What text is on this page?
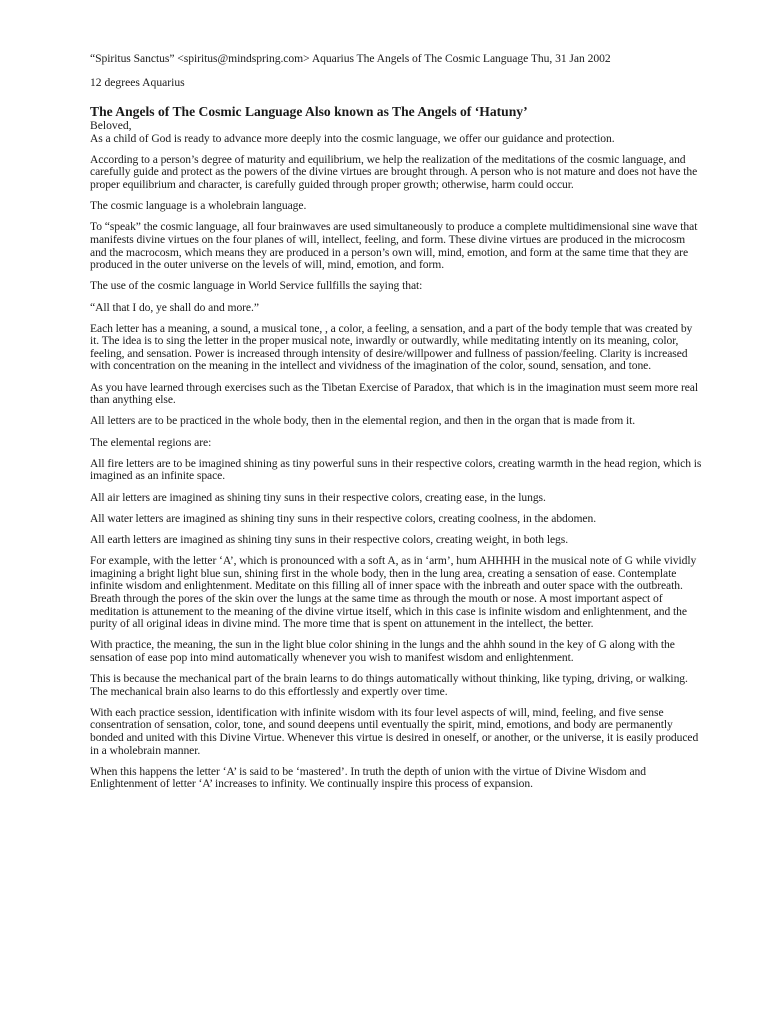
“Spiritus Sanctus” <spiritus@mindspring.com> Aquarius The Angels of The Cosmic Language Thu, 31 Jan 2002
12 degrees Aquarius
The Angels of The Cosmic Language Also known as The Angels of ‘Hatuny’
Beloved,

As a child of God is ready to advance more deeply into the cosmic language, we offer our guidance and protection.

According to a person’s degree of maturity and equilibrium, we help the realization of the meditations of the cosmic language, and carefully guide and protect as the powers of the divine virtues are brought through. A person who is not mature and does not have the proper equilibrium and character, is carefully guided through proper growth; otherwise, harm could occur.

The cosmic language is a wholebrain language.

To “speak” the cosmic language, all four brainwaves are used simultaneously to produce a complete multidimensional sine wave that manifests divine virtues on the four planes of will, intellect, feeling, and form. These divine virtues are produced in the microcosm and the macrocosm, which means they are produced in a person’s own will, mind, emotion, and form at the same time that they are produced in the outer universe on the levels of will, mind, emotion, and form.

The use of the cosmic language in World Service fullfills the saying that:

“All that I do, ye shall do and more.”

Each letter has a meaning, a sound, a musical tone, , a color, a feeling, a sensation, and a part of the body temple that was created by it. The idea is to sing the letter in the proper musical note, inwardly or outwardly, while meditating intently on its meaning, color, feeling, and sensation. Power is increased through intensity of desire/willpower and fullness of passion/feeling. Clarity is increased with concentration on the meaning in the intellect and vividness of the imagination of the color, sound, sensation, and tone.

As you have learned through exercises such as the Tibetan Exercise of Paradox, that which is in the imagination must seem more real than anything else.

All letters are to be practiced in the whole body, then in the elemental region, and then in the organ that is made from it.

The elemental regions are:

All fire letters are to be imagined shining as tiny powerful suns in their respective colors, creating warmth in the head region, which is imagined as an infinite space.

All air letters are imagined as shining tiny suns in their respective colors, creating ease, in the lungs.

All water letters are imagined as shining tiny suns in their respective colors, creating coolness, in the abdomen.

All earth letters are imagined as shining tiny suns in their respective colors, creating weight, in both legs.

For example, with the letter ‘A’, which is pronounced with a soft A, as in ‘arm’, hum AHHHH in the musical note of G while vividly imagining a bright light blue sun, shining first in the whole body, then in the lung area, creating a sensation of ease. Contemplate infinite wisdom and enlightenment. Meditate on this filling all of inner space with the inbreath and outer space with the outbreath. Breath through the pores of the skin over the lungs at the same time as through the mouth or nose. A most important aspect of meditation is attunement to the meaning of the divine virtue itself, which in this case is infinite wisdom and enlightenment, and the purity of all original ideas in divine mind. The more time that is spent on attunement in the intellect, the better.

With practice, the meaning, the sun in the light blue color shining in the lungs and the ahhh sound in the key of G along with the sensation of ease pop into mind automatically whenever you wish to manifest wisdom and enlightenment.

This is because the mechanical part of the brain learns to do things automatically without thinking, like typing, driving, or walking. The mechanical brain also learns to do this effortlessly and expertly over time.

With each practice session, identification with infinite wisdom with its four level aspects of will, mind, feeling, and five sense consentration of sensation, color, tone, and sound deepens until eventually the spirit, mind, emotions, and body are permanently bonded and united with this Divine Virtue. Whenever this virtue is desired in oneself, or another, or the universe, it is easily produced in a wholebrain manner.

When this happens the letter ‘A’ is said to be ‘mastered’. In truth the depth of union with the virtue of Divine Wisdom and Enlightenment of letter ‘A’ increases to infinity. We continually inspire this process of expansion.
